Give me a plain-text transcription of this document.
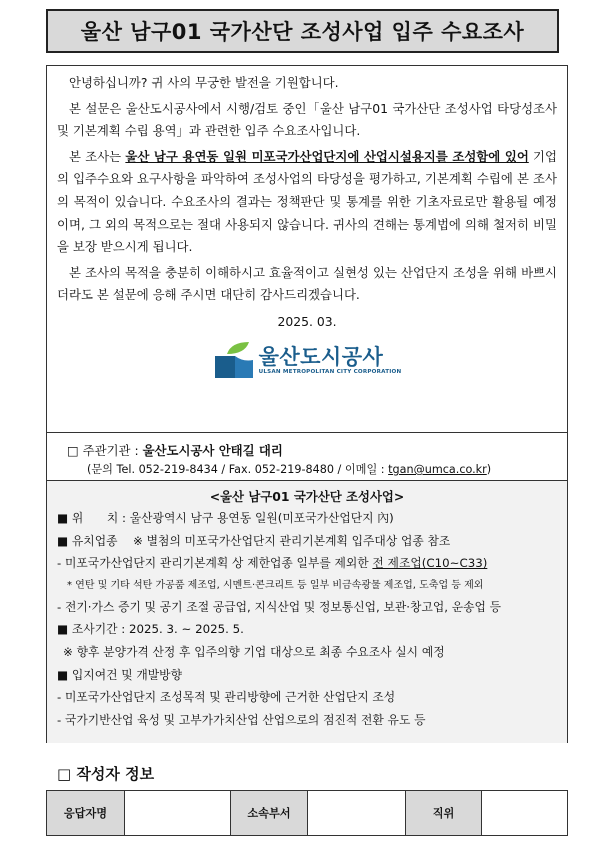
울산 남구01 국가산단 조성사업 입주 수요조사

안녕하십니까? 귀 사의 무궁한 발전을 기원합니다.

본 설문은 울산도시공사에서 시행/검토 중인「울산 남구01 국가산단 조성사업 타당성조사 및 기본계획 수립 용역」과 관련한 입주 수요조사입니다.

본 조사는 울산 남구 용연동 일원 미포국가산업단지에 산업시설용지를 조성함에 있어 기업의 입주수요와 요구사항을 파악하여 조성사업의 타당성을 평가하고, 기본계획 수립에 본 조사의 목적이 있습니다. 수요조사의 결과는 정책판단 및 통계를 위한 기초자료로만 활용될 예정이며, 그 외의 목적으로는 절대 사용되지 않습니다. 귀사의 견해는 통계법에 의해 철저히 비밀을 보장 받으시게 됩니다.

본 조사의 목적을 충분히 이해하시고 효율적이고 실현성 있는 산업단지 조성을 위해 바쁘시더라도 본 설문에 응해 주시면 대단히 감사드리겠습니다.

2025. 03.
울산도시공사
ULSAN METROPOLITAN CITY CORPORATION
□ 주관기관 : 울산도시공사 안태길 대리
(문의 Tel. 052-219-8434 / Fax. 052-219-8480 / 이메일 : tgan@umca.co.kr)
<울산 남구01 국가산단 조성사업>
■ 위　　치 : 울산광역시 남구 용연동 일원(미포국가산업단지 內)
■ 유치업종　 ※ 별첨의 미포국가산업단지 관리기본계획 입주대상 업종 참조
- 미포국가산업단지 관리기본계획 상 제한업종 일부를 제외한 전 제조업(C10~C33)
* 연탄 및 기타 석탄 가공품 제조업, 시멘트·콘크리트 등 일부 비금속광물 제조업, 도축업 등 제외
- 전기·가스 증기 및 공기 조절 공급업, 지식산업 및 정보통신업, 보관·창고업, 운송업 등
■ 조사기간 : 2025. 3. ~ 2025. 5.
※ 향후 분양가격 산정 후 입주의향 기업 대상으로 최종 수요조사 실시 예정
■ 입지여건 및 개발방향
- 미포국가산업단지 조성목적 및 관리방향에 근거한 산업단지 조성
- 국가기반산업 육성 및 고부가가치산업 산업으로의 점진적 전환 유도 등
□ 작성자 정보
응답자명		소속부서		직위	
